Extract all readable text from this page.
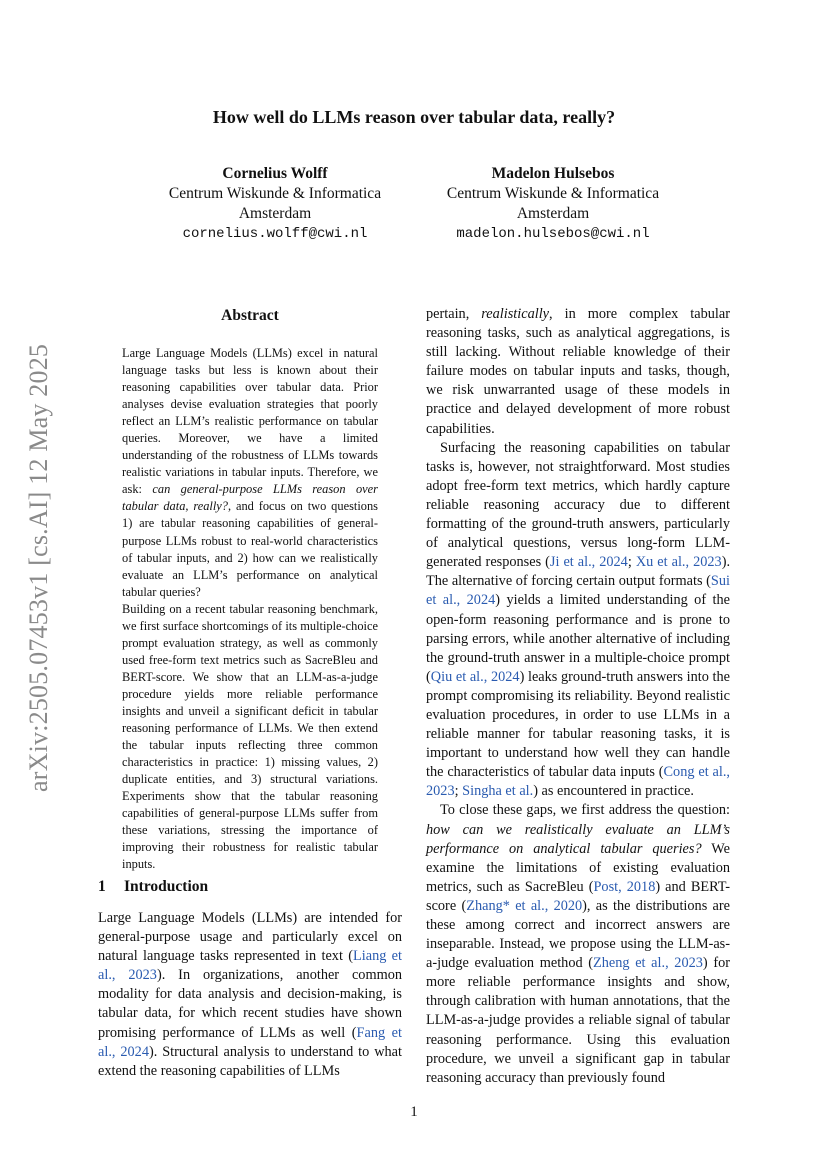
arXiv:2505.07453v1 [cs.AI] 12 May 2025
How well do LLMs reason over tabular data, really?
Cornelius Wolff
Centrum Wiskunde & Informatica
Amsterdam
cornelius.wolff@cwi.nl
Madelon Hulsebos
Centrum Wiskunde & Informatica
Amsterdam
madelon.hulsebos@cwi.nl
Abstract

Large Language Models (LLMs) excel in natural language tasks but less is known about their reasoning capabilities over tabular data. Prior analyses devise evaluation strategies that poorly reflect an LLM’s realistic performance on tabular queries. Moreover, we have a limited understanding of the robustness of LLMs towards realistic variations in tabular inputs. Therefore, we ask: can general-purpose LLMs reason over tabular data, really?, and focus on two questions 1) are tabular reasoning capabilities of general-purpose LLMs robust to real-world characteristics of tabular inputs, and 2) how can we realistically evaluate an LLM’s performance on analytical tabular queries?

Building on a recent tabular reasoning benchmark, we first surface shortcomings of its multiple-choice prompt evaluation strategy, as well as commonly used free-form text metrics such as SacreBleu and BERT-score. We show that an LLM-as-a-judge procedure yields more reliable performance insights and unveil a significant deficit in tabular reasoning performance of LLMs. We then extend the tabular inputs reflecting three common characteristics in practice: 1) missing values, 2) duplicate entities, and 3) structural variations. Experiments show that the tabular reasoning capabilities of general-purpose LLMs suffer from these variations, stressing the importance of improving their robustness for realistic tabular inputs.

1 Introduction

Large Language Models (LLMs) are intended for general-purpose usage and particularly excel on natural language tasks represented in text (Liang et al., 2023). In organizations, another common modality for data analysis and decision-making, is tabular data, for which recent studies have shown promising performance of LLMs as well (Fang et al., 2024). Structural analysis to understand to what extend the reasoning capabilities of LLMs

pertain, realistically, in more complex tabular reasoning tasks, such as analytical aggregations, is still lacking. Without reliable knowledge of their failure modes on tabular inputs and tasks, though, we risk unwarranted usage of these models in practice and delayed development of more robust capabilities.

Surfacing the reasoning capabilities on tabular tasks is, however, not straightforward. Most studies adopt free-form text metrics, which hardly capture reliable reasoning accuracy due to different formatting of the ground-truth answers, particularly of analytical questions, versus long-form LLM-generated responses (Ji et al., 2024; Xu et al., 2023). The alternative of forcing certain output formats (Sui et al., 2024) yields a limited understanding of the open-form reasoning performance and is prone to parsing errors, while another alternative of including the ground-truth answer in a multiple-choice prompt (Qiu et al., 2024) leaks ground-truth answers into the prompt compromising its reliability. Beyond realistic evaluation procedures, in order to use LLMs in a reliable manner for tabular reasoning tasks, it is important to understand how well they can handle the characteristics of tabular data inputs (Cong et al., 2023; Singha et al.) as encountered in practice.

To close these gaps, we first address the question: how can we realistically evaluate an LLM’s performance on analytical tabular queries? We examine the limitations of existing evaluation metrics, such as SacreBleu (Post, 2018) and BERT-score (Zhang* et al., 2020), as the distributions are these among correct and incorrect answers are inseparable. Instead, we propose using the LLM-as-a-judge evaluation method (Zheng et al., 2023) for more reliable performance insights and show, through calibration with human annotations, that the LLM-as-a-judge provides a reliable signal of tabular reasoning performance. Using this evaluation procedure, we unveil a significant gap in tabular reasoning accuracy than previously found

1
